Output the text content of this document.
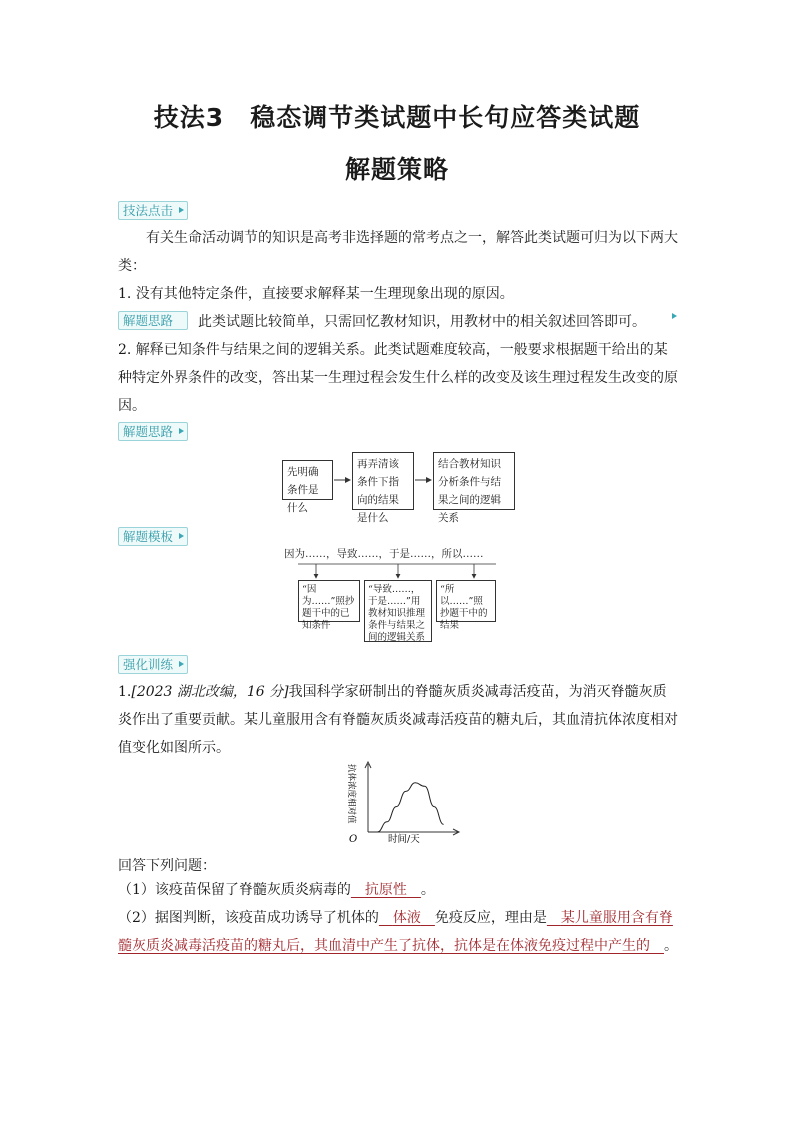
技法3　稳态调节类试题中长句应答类试题
解题策略
技法点击
有关生命活动调节的知识是高考非选择题的常考点之一，解答此类试题可归为以下两大类：
1. 没有其他特定条件，直接要求解释某一生理现象出现的原因。
解题思路 此类试题比较简单，只需回忆教材知识，用教材中的相关叙述回答即可。
2. 解释已知条件与结果之间的逻辑关系。此类试题难度较高，一般要求根据题干给出的某种特定外界条件的改变，答出某一生理过程会发生什么样的改变及该生理过程发生改变的原因。
解题思路
先明确条件是什么
再弄清该条件下指向的结果是什么
结合教材知识分析条件与结果之间的逻辑关系
解题模板
因为……，导致……，于是……，所以……
“因为……”照抄题干中的已知条件
“导致……，于是……”用教材知识推理条件与结果之间的逻辑关系
“所以……”照抄题干中的结果
强化训练
1.[2023 湖北改编，16 分]我国科学家研制出的脊髓灰质炎减毒活疫苗，为消灭脊髓灰质炎作出了重要贡献。某儿童服用含有脊髓灰质炎减毒活疫苗的糖丸后，其血清抗体浓度相对值变化如图所示。
抗体浓度相对值
O	时间/天
回答下列问题：
（1）该疫苗保留了脊髓灰质炎病毒的   抗原性   。
（2）据图判断，该疫苗成功诱导了机体的   体液   免疫反应，理由是   某儿童服用含有脊髓灰质炎减毒活疫苗的糖丸后，其血清中产生了抗体，抗体是在体液免疫过程中产生的   。
